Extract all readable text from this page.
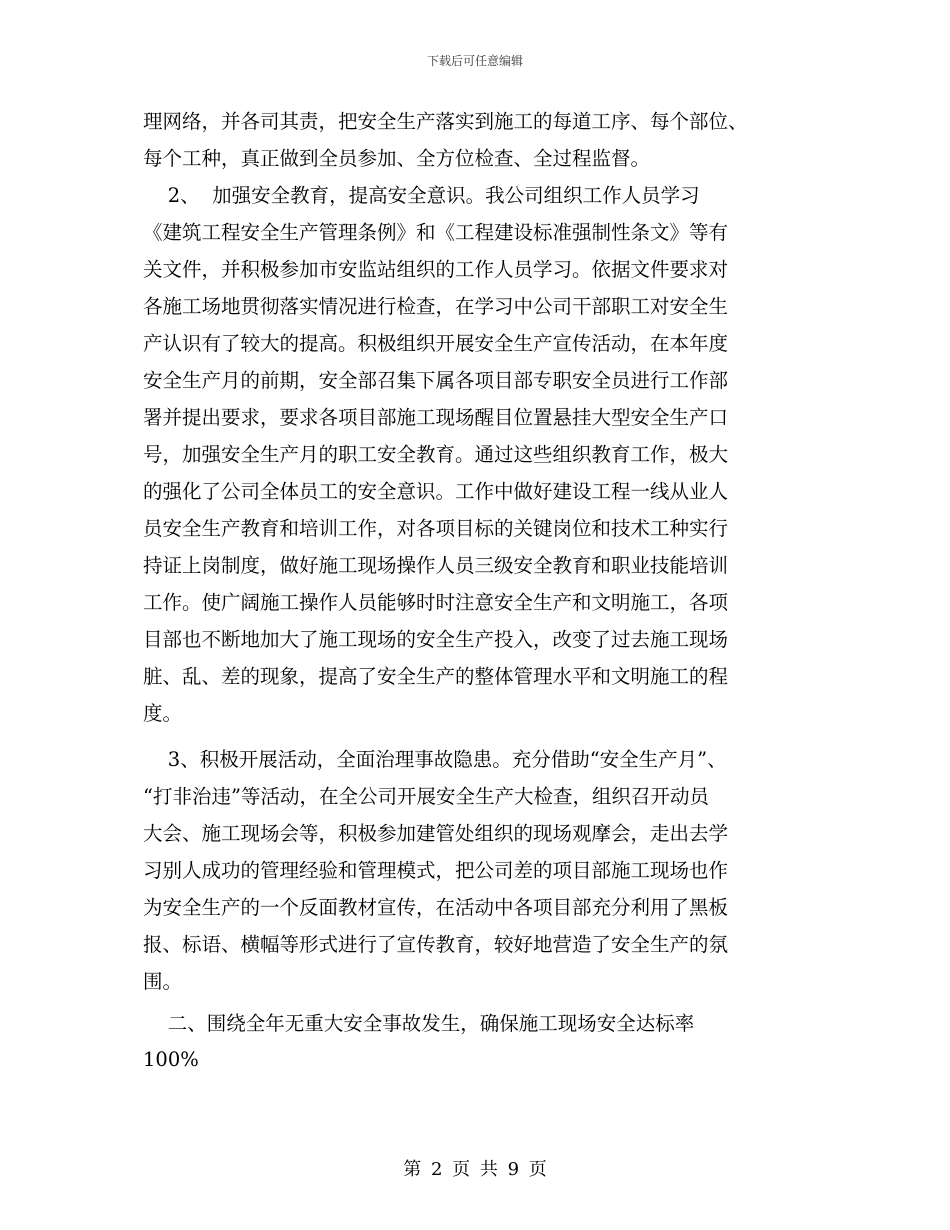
下载后可任意编辑
理网络，并各司其责，把安全生产落实到施工的每道工序、每个部位、
每个工种，真正做到全员参加、全方位检查、全过程监督。
2、  加强安全教育，提高安全意识。我公司组织工作人员学习
《建筑工程安全生产管理条例》和《工程建设标准强制性条文》等有
关文件，并积极参加市安监站组织的工作人员学习。依据文件要求对
各施工场地贯彻落实情况进行检查，在学习中公司干部职工对安全生
产认识有了较大的提高。积极组织开展安全生产宣传活动，在本年度
安全生产月的前期，安全部召集下属各项目部专职安全员进行工作部
署并提出要求，要求各项目部施工现场醒目位置悬挂大型安全生产口
号，加强安全生产月的职工安全教育。通过这些组织教育工作，极大
的强化了公司全体员工的安全意识。工作中做好建设工程一线从业人
员安全生产教育和培训工作，对各项目标的关键岗位和技术工种实行
持证上岗制度，做好施工现场操作人员三级安全教育和职业技能培训
工作。使广阔施工操作人员能够时时注意安全生产和文明施工，各项
目部也不断地加大了施工现场的安全生产投入，改变了过去施工现场
脏、乱、差的现象，提高了安全生产的整体管理水平和文明施工的程
度。
3、积极开展活动，全面治理事故隐患。充分借助“安全生产月”、
“打非治违”等活动，在全公司开展安全生产大检查，组织召开动员
大会、施工现场会等，积极参加建管处组织的现场观摩会，走出去学
习别人成功的管理经验和管理模式，把公司差的项目部施工现场也作
为安全生产的一个反面教材宣传，在活动中各项目部充分利用了黑板
报、标语、横幅等形式进行了宣传教育，较好地营造了安全生产的氛
围。
二、围绕全年无重大安全事故发生，确保施工现场安全达标率
100%
第 2 页 共 9 页
